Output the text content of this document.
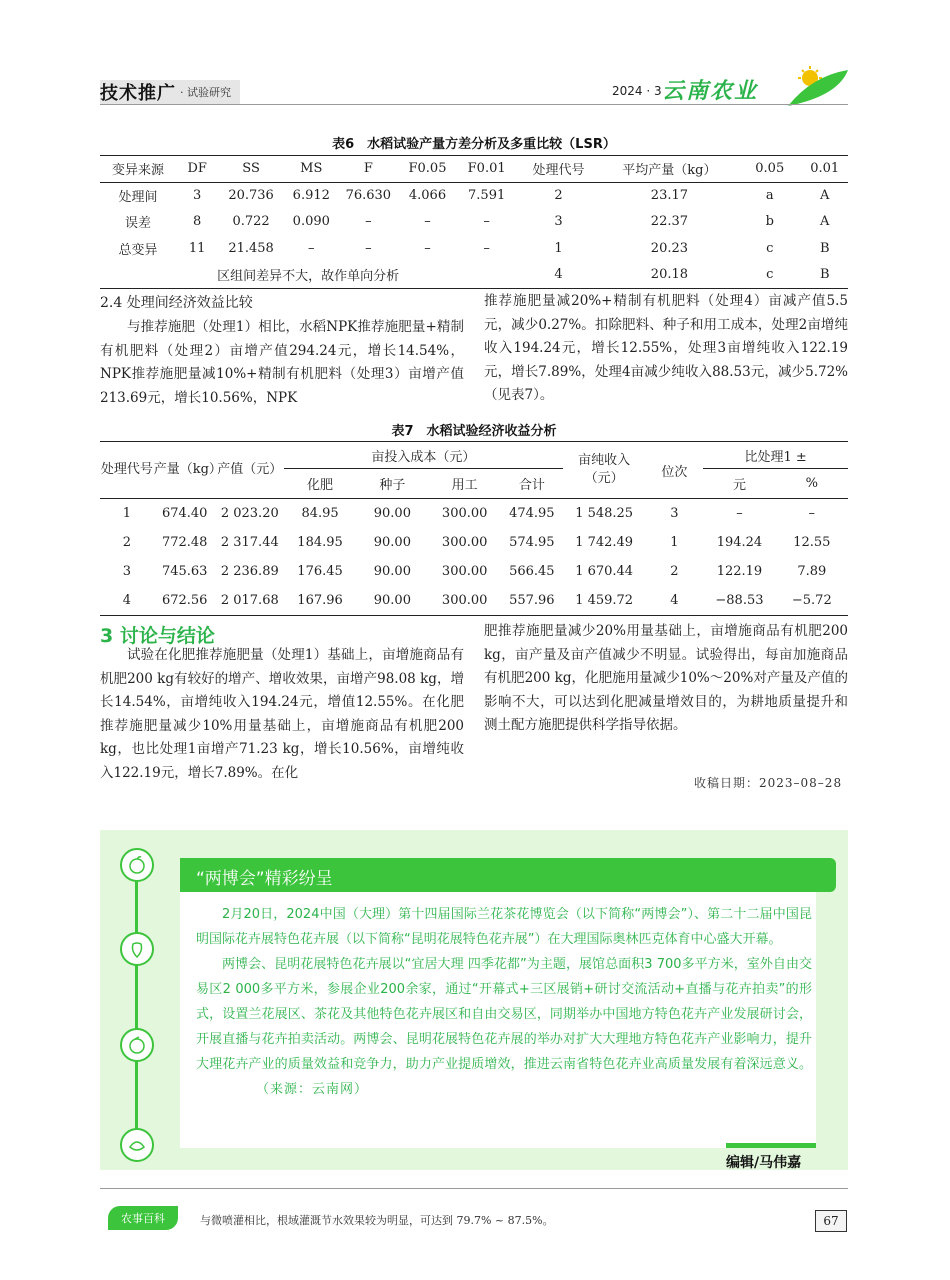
技术推广 · 试验研究	2024 · 3 云南农业
表6　水稻试验产量方差分析及多重比较（LSR）
变异来源	DF	SS	MS	F	F0.05	F0.01	处理代号	平均产量（kg）	0.05	0.01
处理间	3	20.736	6.912	76.630	4.066	7.591	2	23.17	a	A
误差	8	0.722	0.090	–	–	–	3	22.37	b	A
总变异	11	21.458	–	–	–	–	1	20.23	c	B
区组间差异不大，故作单向分析							4	20.18	c	B
2.4 处理间经济效益比较
与推荐施肥（处理1）相比，水稻NPK推荐施肥量+精制有机肥料（处理2）亩增产值294.24元，增长14.54%，NPK推荐施肥量减10%+精制有机肥料（处理3）亩增产值213.69元，增长10.56%，NPK
推荐施肥量减20%+精制有机肥料（处理4）亩减产值5.5元，减少0.27%。扣除肥料、种子和用工成本，处理2亩增纯收入194.24元，增长12.55%，处理3亩增纯收入122.19元，增长7.89%，处理4亩减少纯收入88.53元，减少5.72%（见表7）。
表7　水稻试验经济收益分析
处理代号	产量（kg）	产值（元）	亩投入成本（元）				亩纯收入（元）	位次	比处理1 ±	
			化肥	种子	用工	合计			元	%
1	674.40	2 023.20	84.95	90.00	300.00	474.95	1 548.25	3	–	–
2	772.48	2 317.44	184.95	90.00	300.00	574.95	1 742.49	1	194.24	12.55
3	745.63	2 236.89	176.45	90.00	300.00	566.45	1 670.44	2	122.19	7.89
4	672.56	2 017.68	167.96	90.00	300.00	557.96	1 459.72	4	−88.53	−5.72
3 讨论与结论
试验在化肥推荐施肥量（处理1）基础上，亩增施商品有机肥200 kg有较好的增产、增收效果，亩增产98.08 kg，增长14.54%，亩增纯收入194.24元，增值12.55%。在化肥推荐施肥量减少10%用量基础上，亩增施商品有机肥200 kg，也比处理1亩增产71.23 kg，增长10.56%，亩增纯收入122.19元，增长7.89%。在化
肥推荐施肥量减少20%用量基础上，亩增施商品有机肥200 kg，亩产量及亩产值减少不明显。试验得出，每亩加施商品有机肥200 kg，化肥施用量减少10%～20%对产量及产值的影响不大，可以达到化肥减量增效目的，为耕地质量提升和测土配方施肥提供科学指导依据。
收稿日期：2023–08–28
“两博会”精彩纷呈
2月20日，2024中国（大理）第十四届国际兰花茶花博览会（以下简称“两博会”）、第二十二届中国昆明国际花卉展特色花卉展（以下简称“昆明花展特色花卉展”）在大理国际奥林匹克体育中心盛大开幕。
两博会、昆明花展特色花卉展以“宜居大理 四季花都”为主题，展馆总面积3 700多平方米，室外自由交易区2 000多平方米，参展企业200余家，通过“开幕式+三区展销+研讨交流活动+直播与花卉拍卖”的形式，设置兰花展区、茶花及其他特色花卉展区和自由交易区，同期举办中国地方特色花卉产业发展研讨会，开展直播与花卉拍卖活动。两博会、昆明花展特色花卉展的举办对扩大大理地方特色花卉产业影响力，提升大理花卉产业的质量效益和竞争力，助力产业提质增效，推进云南省特色花卉业高质量发展有着深远意义。（来源：云南网）
编辑/马伟嘉
农事百科	与微喷灌相比，根域灌溉节水效果较为明显，可达到 79.7% ~ 87.5%。	67
